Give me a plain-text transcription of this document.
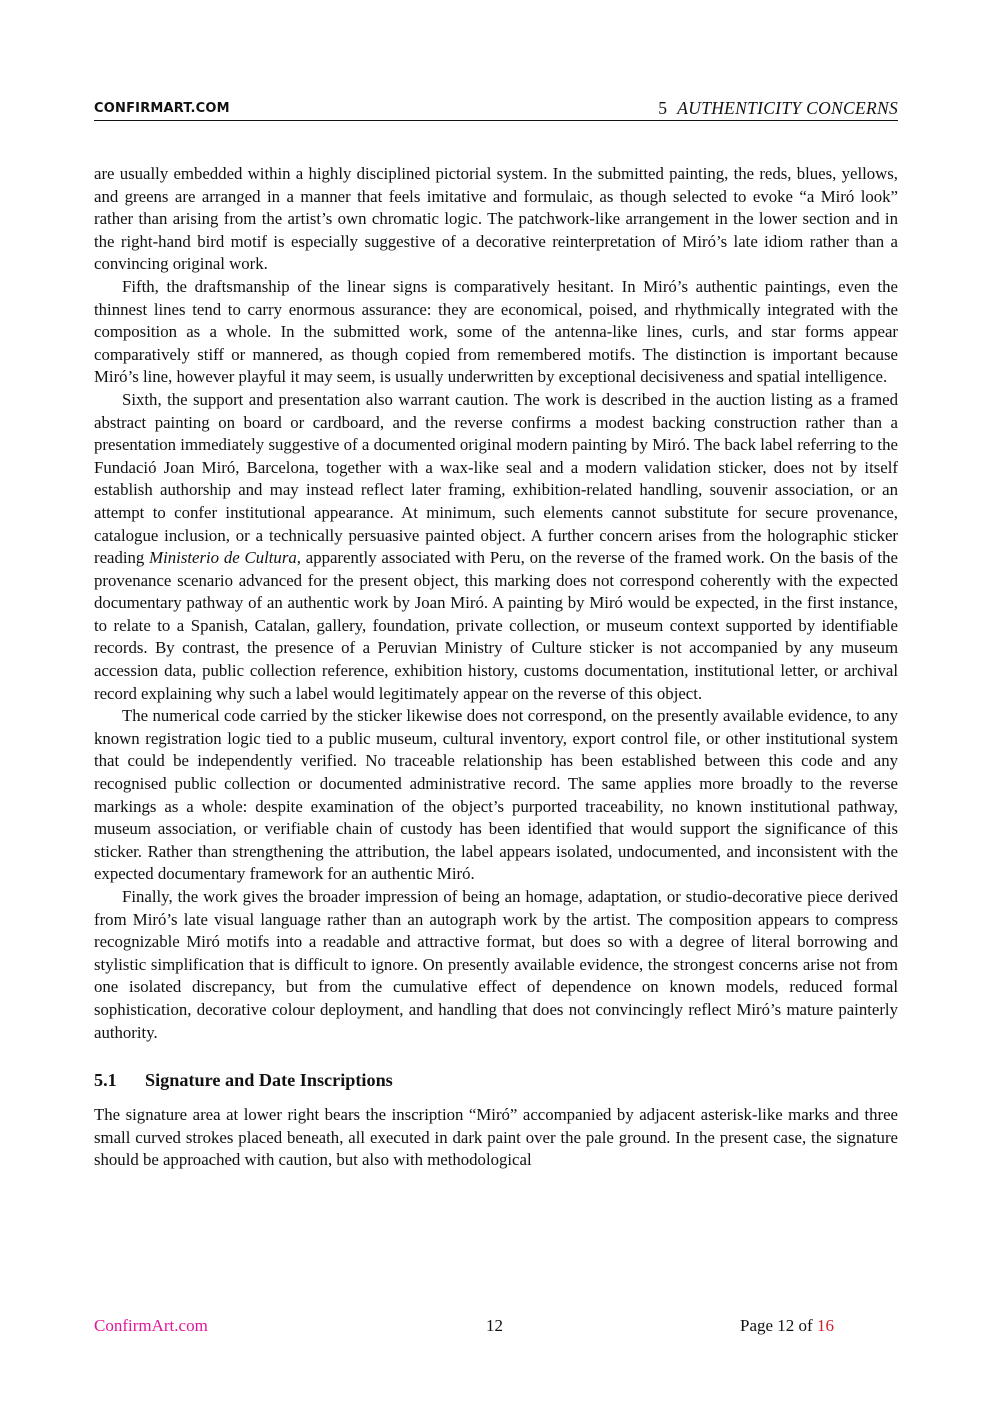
CONFIRMART.COM	5 AUTHENTICITY CONCERNS

are usually embedded within a highly disciplined pictorial system. In the submitted painting, the reds, blues, yellows, and greens are arranged in a manner that feels imitative and formulaic, as though selected to evoke “a Miró look” rather than arising from the artist’s own chromatic logic. The patchwork-like arrangement in the lower section and in the right-hand bird motif is especially suggestive of a decorative reinterpretation of Miró’s late idiom rather than a convincing original work.

Fifth, the draftsmanship of the linear signs is comparatively hesitant. In Miró’s authentic paintings, even the thinnest lines tend to carry enormous assurance: they are economical, poised, and rhythmically integrated with the composition as a whole. In the submitted work, some of the antenna-like lines, curls, and star forms appear comparatively stiff or mannered, as though copied from remembered motifs. The distinction is important because Miró’s line, however playful it may seem, is usually underwritten by exceptional decisiveness and spatial intelligence.

Sixth, the support and presentation also warrant caution. The work is described in the auction listing as a framed abstract painting on board or cardboard, and the reverse confirms a modest backing construction rather than a presentation immediately suggestive of a documented original modern painting by Miró. The back label referring to the Fundació Joan Miró, Barcelona, together with a wax-like seal and a modern validation sticker, does not by itself establish authorship and may instead reflect later framing, exhibition-related handling, souvenir association, or an attempt to confer institutional appearance. At minimum, such elements cannot substitute for secure provenance, catalogue inclusion, or a technically persuasive painted object. A further concern arises from the holographic sticker reading Ministerio de Cultura, apparently associated with Peru, on the reverse of the framed work. On the basis of the provenance scenario advanced for the present object, this marking does not correspond coherently with the expected documentary pathway of an authentic work by Joan Miró. A painting by Miró would be expected, in the first instance, to relate to a Spanish, Catalan, gallery, foundation, private collection, or museum context supported by identifiable records. By contrast, the presence of a Peruvian Ministry of Culture sticker is not accompanied by any museum accession data, public collection reference, exhibition history, customs documentation, institutional letter, or archival record explaining why such a label would legitimately appear on the reverse of this object.

The numerical code carried by the sticker likewise does not correspond, on the presently available evidence, to any known registration logic tied to a public museum, cultural inventory, export control file, or other institutional system that could be independently verified. No traceable relationship has been established between this code and any recognised public collection or documented administrative record. The same applies more broadly to the reverse markings as a whole: despite examination of the object’s purported traceability, no known institutional pathway, museum association, or verifiable chain of custody has been identified that would support the significance of this sticker. Rather than strengthening the attribution, the label appears isolated, undocumented, and inconsistent with the expected documentary framework for an authentic Miró.

Finally, the work gives the broader impression of being an homage, adaptation, or studio-decorative piece derived from Miró’s late visual language rather than an autograph work by the artist. The composition appears to compress recognizable Miró motifs into a readable and attractive format, but does so with a degree of literal borrowing and stylistic simplification that is difficult to ignore. On presently available evidence, the strongest concerns arise not from one isolated discrepancy, but from the cumulative effect of dependence on known models, reduced formal sophistication, decorative colour deployment, and handling that does not convincingly reflect Miró’s mature painterly authority.

5.1 Signature and Date Inscriptions

The signature area at lower right bears the inscription “Miró” accompanied by adjacent asterisk-like marks and three small curved strokes placed beneath, all executed in dark paint over the pale ground. In the present case, the signature should be approached with caution, but also with methodological

ConfirmArt.com	12	Page 12 of 16
